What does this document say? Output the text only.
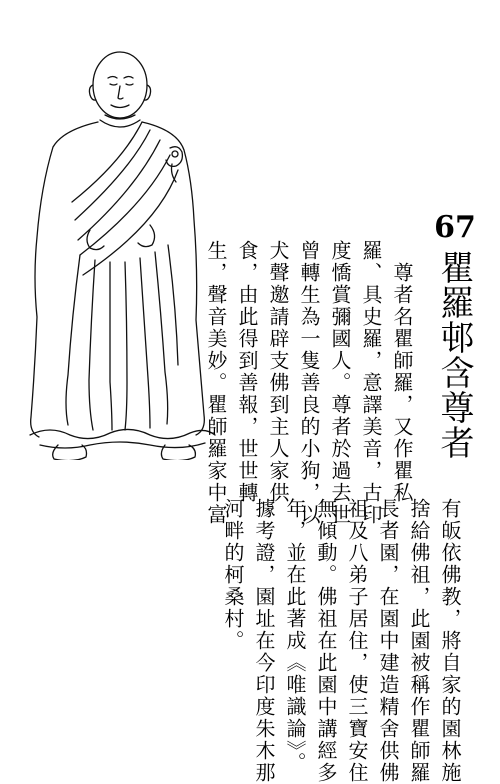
67
瞿羅邨含尊者
尊者名瞿師羅，又作瞿私
羅、具史羅，意譯美音，古印
度憍賞彌國人。尊者於過去世
曾轉生為一隻善良的小狗，以
犬聲邀請辟支佛到主人家供
食，由此得到善報，世世轉
生，聲音美妙。瞿師羅家中富
有皈依佛教，將自家的園林施
捨給佛祖，此園被稱作瞿師羅
長者園，在園中建造精舍供佛
祖及八弟子居住，使三寶安住
無傾動。佛祖在此園中講經多
年，並在此著成《唯識論》。
據考證，園址在今印度朱木那
河畔的柯桑村。
